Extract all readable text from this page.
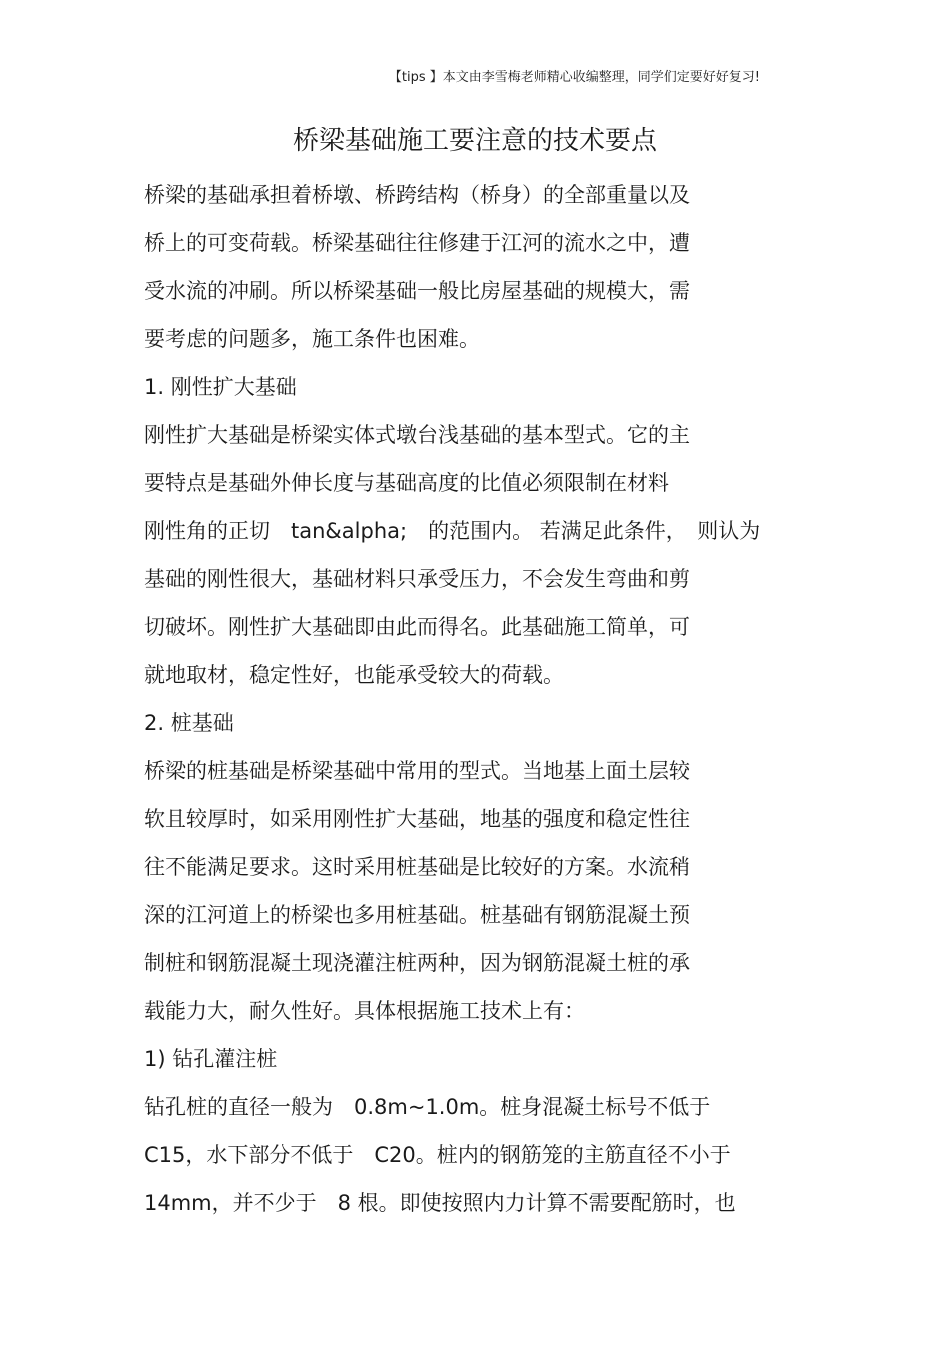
【tips 】本文由李雪梅老师精心收编整理，同学们定要好好复习!
桥梁基础施工要注意的技术要点
桥梁的基础承担着桥墩、桥跨结构（桥身）的全部重量以及
桥上的可变荷载。桥梁基础往往修建于江河的流水之中，遭
受水流的冲刷。所以桥梁基础一般比房屋基础的规模大，需
要考虑的问题多，施工条件也困难。
1. 刚性扩大基础
刚性扩大基础是桥梁实体式墩台浅基础的基本型式。它的主
要特点是基础外伸长度与基础高度的比值必须限制在材料
刚性角的正切　tan&alpha;　的范围内。 若满足此条件，　则认为
基础的刚性很大，基础材料只承受压力，不会发生弯曲和剪
切破坏。刚性扩大基础即由此而得名。此基础施工简单，可
就地取材，稳定性好，也能承受较大的荷载。
2. 桩基础
桥梁的桩基础是桥梁基础中常用的型式。当地基上面土层较
软且较厚时，如采用刚性扩大基础，地基的强度和稳定性往
往不能满足要求。这时采用桩基础是比较好的方案。水流稍
深的江河道上的桥梁也多用桩基础。桩基础有钢筋混凝土预
制桩和钢筋混凝土现浇灌注桩两种，因为钢筋混凝土桩的承
载能力大，耐久性好。具体根据施工技术上有：
1) 钻孔灌注桩
钻孔桩的直径一般为　0.8m~1.0m。桩身混凝土标号不低于
C15，水下部分不低于　C20。桩内的钢筋笼的主筋直径不小于
14mm，并不少于　8 根。即使按照内力计算不需要配筋时，也
